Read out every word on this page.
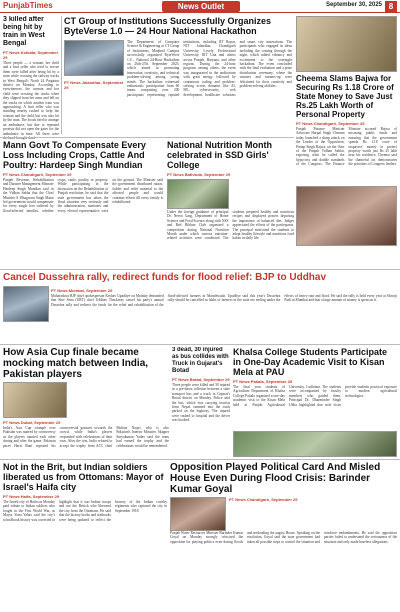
PunjabTimes	News Outlet	September 30, 2025 8
3 killed after being hit by train in West Bengal
PT News Kolkata, September 29
Three people — a woman, her child and a fruit seller also tried to rescue them were killed after being hit by a train while crossing the railway tracks in West Bengal's North 24 Parganas district on Monday. According to eyewitnesses, the woman and her child were crossing the tracks when they slipped from her arms and fell on the tracks on which another train was approaching. A fruit seller who was standing nearby rushed to help the woman and the child but was also hit by the train. The locals tried to arrange an ambulance, but due to repeated protests did not open the gates for the ambulance in time. All three were
CT Group of Institutions Successfully Organizes ByteVerse 1.0 — 24 Hour National Hackathon
PT News Jalandhar, September 29
The Department of Computer Science & Engineering at CT Group of Institutions, Maqbool Campus successfully organized ByteVerse 1.0 – National 24-Hour Hackathon on 26th-27th September 2025, which aimed at promoting innovation, creativity, and technical problem-solving among young minds. The hackathon witnessed enthusiastic participation from 60 teams comprising over 200 participants representing reputed institutions, including IIT Ropar, NIT Jalandhar, Chandigarh University, Lovely Professional University, IIIT Una and others across Punjab, Haryana, and other regions. During the 24-hour program, among others, the event was inaugurated in the auditorium with great energy, followed by continuous coding and problem-solving across domains like AI, ML, cybersecurity, web development, healthcare solutions and smart city innovations. The participants who engaged in ideas including the coming through the night, which added vibrancy and excitement to the overnight hackathon. The event concluded with the final evaluation and a prize distribution ceremony, where the winners and runners-up were felicitated for their creativity and problem-solving abilities.
Cheema Slams Bajwa for Securing Rs 1.18 Crore of State Money to Save Just Rs.25 Lakh Worth of Personal Property
PT News Chandigarh, September 29
Punjab Finance Minister Advocate Harpal Singh Cheema today launched a sharp attack on the Leader of the Opposition, Partap Singh Bajwa, on the floor of the Punjab Vidhan Sabha, exposing what he called the hypocrisy and double standards of the Congress. The Finance Minister accused Bajwa of misusing public funds and ensuring that the government spends Rs 1.18 crore of taxpayers' money to protect property worth just Rs 25 lakh near his residence. Cheema said the shameful act demonstrates the priorities of Congress leaders.
Mann Govt To Compensate Every Loss Including Crops, Cattle And Poultry: Hardeep Singh Mundian
PT News Chandigarh, September 29
Punjab Revenue, Rehabilitation and Disaster Management Minister Hardeep Singh Mundian said in the Vidhan Sabha that the Chief Minister S. Bhagwant Singh Mann led government would compensate for every single loss suffered by flood-affected families, whether crops, cattle, poultry or property. While participating in the discussion on the Rehabilitation of Punjab resolution, he said that the state government has taken the flood situation very seriously and the administration, ministers and every elected representative were on the ground. The Minister said the government distributed ration, fodder and relief material to the affected people and would continue efforts till every family is rehabilitated.
National Nutrition Month celebrated in SSD Girls' College
PT News Bathinda, September 29
Under the foreign guidance of principal Dr. Neeru Garg, Department of Home Science and Food Science along with NSS and Red Ribbon Club organized a competition during National Nutrition Month under which various nutrition-related activities were conducted. The students prepared healthy and nutritious recipes and displayed posters depicting the importance of balanced diet. Judges appreciated the efforts of the participants. The principal motivated the students to adopt healthy lifestyle and nutritious food habits in daily life.
Cancel Dussehra rally, redirect funds for flood relief: BJP to Uddhav
PT News Mumbai, September 29
Maharashtra BJP chief spokesperson Keshav Upadhye on Monday demanded that Shiv Sena (UBT) chief Uddhav Thackeray cancel his party's annual Dussehra rally and redirect the funds for the relief and rehabilitation of the flood-affected farmers in Marathwada. Upadhye said this year's Dussehra rally should be cancelled as lakhs of farmers in the state are reeling under the effects of heavy rain and flood. He said the rally is held every year at Shivaji Park in Mumbai and that a large amount of money is spent on it.
How Asia Cup finale became mocking match between India, Pakistan players
PT News Dubai, September 29
India's Asia Cup triumph over Pakistan was marred by controversy as the players taunted each other during and after the game. Pakistan pacer Haris Rauf repeated his controversial gestures towards the crowd, while India's players responded with celebrations of their own. After the win, India refused to accept the trophy from ACC chief Mohsin Naqvi, who is also Pakistan's Interior Minister. Skipper Suryakumar Yadav said the team had earned the trophy and the celebrations would be remembered.
3 dead, 30 injured as bus collides with Truck in Gujarat's Botad
PT News Botad, September 29
Three people were killed and 30 injured in a pre-dawn collision between a state transport bus and a truck in Gujarat's Botad district on Monday. Police said the bus, which was carrying tourists from Nepal, rammed into the truck parked on the highway. The injured were rushed to hospital and the driver was booked.
Khalsa College Students Participate in One-Day Academic Visit to Kisan Mela at PAU
PT News Patiala, September 29
The final year students of Agriculture Department of Khalsa College Patiala organized a one-day academic visit to the Kisan Mela held at Punjab Agricultural University, Ludhiana. The students were accompanied by faculty members who guided them. Principal Dr. Dharminder Singh Ubha highlighted that such visits provide students practical exposure to modern agricultural technologies.
Not in the Brit, but Indian soldiers liberated us from Ottomans: Mayor of Israel's Haifa city
PT News Haifa, September 29
The Israeli city of Haifa on Monday paid tribute to Indian soldiers who fought in the First World War, as Mayor Yona Yahav said the city's schoolbook history was corrected to highlight that it was Indian troops and not the British who liberated the city from the Ottomans. He said that the history books and textbooks were being updated to reflect the bravery of the Indian cavalry regiments who captured the city in September 1918.
Opposition Played Political Card And Misled House Even During Flood Crisis: Barinder Kumar Goyal
PT News Chandigarh, September 29
Punjab Water Resources Minister Barinder Kumar Goyal on Monday strongly criticised the opposition for playing politics even during floods and misleading the august House. Speaking on the resolution, Goyal said the state government had taken all possible steps to control the situation and reinforce embankments. He said the opposition parties failed to understand the seriousness of the situation and only made baseless allegations.
